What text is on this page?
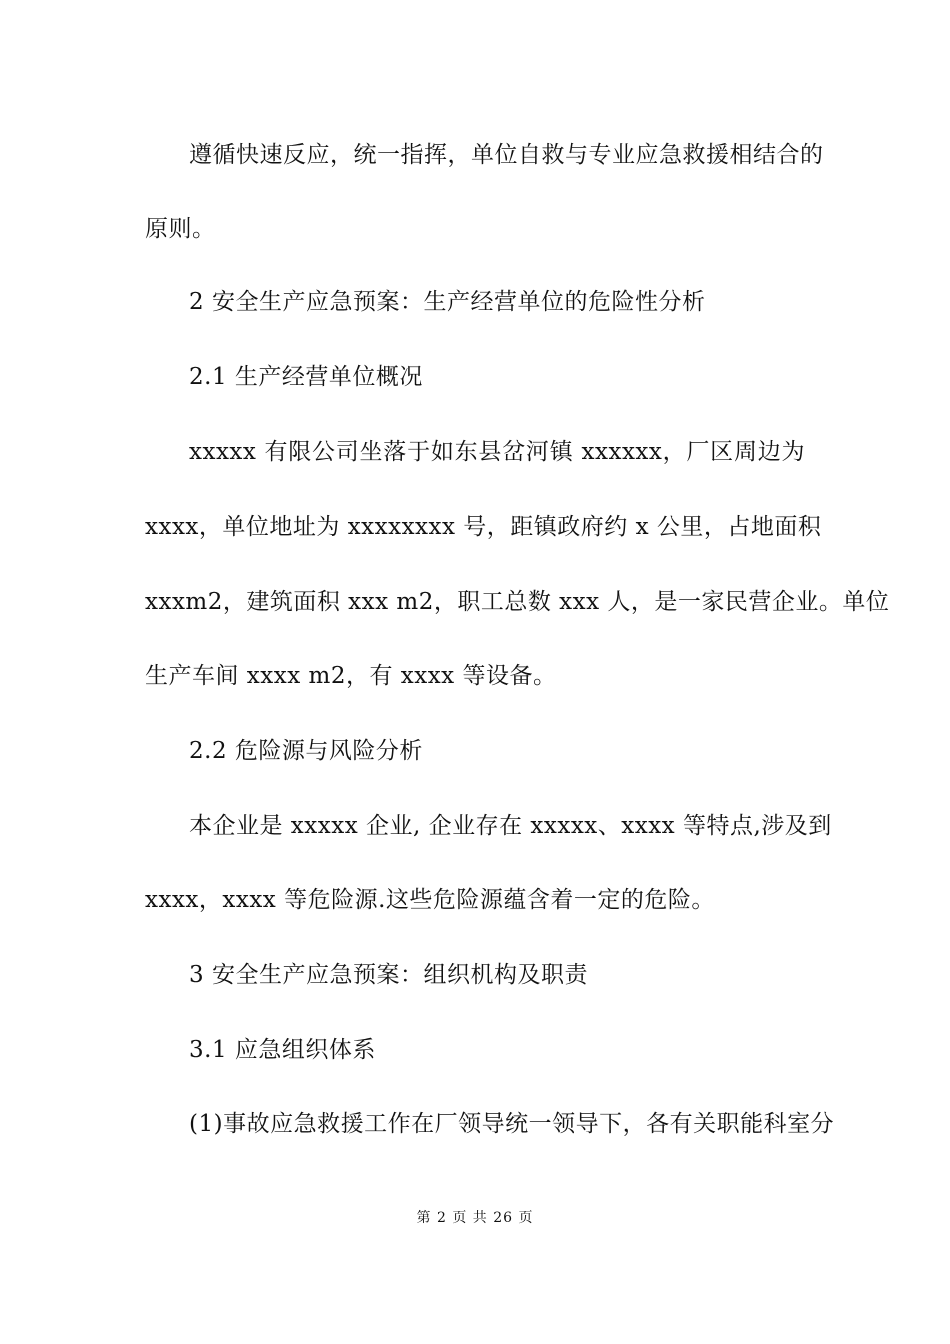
遵循快速反应，统一指挥，单位自救与专业应急救援相结合的
原则。
2 安全生产应急预案：生产经营单位的危险性分析
2.1 生产经营单位概况
xxxxx 有限公司坐落于如东县岔河镇 xxxxxx，厂区周边为
xxxx，单位地址为 xxxxxxxx 号，距镇政府约 x 公里，占地面积
xxxm2，建筑面积 xxx m2，职工总数 xxx 人，是一家民营企业。单位
生产车间 xxxx m2，有 xxxx 等设备。
2.2 危险源与风险分析
本企业是 xxxxx 企业, 企业存在 xxxxx、xxxx 等特点,涉及到
xxxx，xxxx 等危险源.这些危险源蕴含着一定的危险。
3 安全生产应急预案：组织机构及职责
3.1 应急组织体系
(1)事故应急救援工作在厂领导统一领导下，各有关职能科室分
第 2 页 共 26 页
